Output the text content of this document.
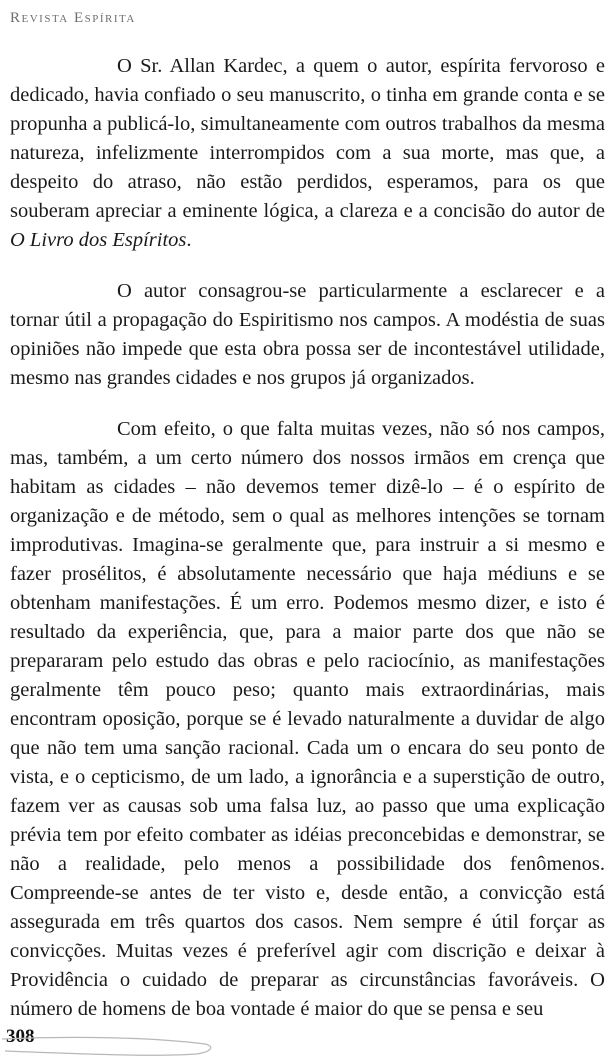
Revista Espírita

O Sr. Allan Kardec, a quem o autor, espírita fervoroso e dedicado, havia confiado o seu manuscrito, o tinha em grande conta e se propunha a publicá-lo, simultaneamente com outros trabalhos da mesma natureza, infelizmente interrompidos com a sua morte, mas que, a despeito do atraso, não estão perdidos, esperamos, para os que souberam apreciar a eminente lógica, a clareza e a concisão do autor de O Livro dos Espíritos.

O autor consagrou-se particularmente a esclarecer e a tornar útil a propagação do Espiritismo nos campos. A modéstia de suas opiniões não impede que esta obra possa ser de incontestável utilidade, mesmo nas grandes cidades e nos grupos já organizados.

Com efeito, o que falta muitas vezes, não só nos campos, mas, também, a um certo número dos nossos irmãos em crença que habitam as cidades – não devemos temer dizê-lo – é o espírito de organização e de método, sem o qual as melhores intenções se tornam improdutivas. Imagina-se geralmente que, para instruir a si mesmo e fazer prosélitos, é absolutamente necessário que haja médiuns e se obtenham manifestações. É um erro. Podemos mesmo dizer, e isto é resultado da experiência, que, para a maior parte dos que não se prepararam pelo estudo das obras e pelo raciocínio, as manifestações geralmente têm pouco peso; quanto mais extraordinárias, mais encontram oposição, porque se é levado naturalmente a duvidar de algo que não tem uma sanção racional. Cada um o encara do seu ponto de vista, e o cepticismo, de um lado, a ignorância e a superstição de outro, fazem ver as causas sob uma falsa luz, ao passo que uma explicação prévia tem por efeito combater as idéias preconcebidas e demonstrar, se não a realidade, pelo menos a possibilidade dos fenômenos. Compreende-se antes de ter visto e, desde então, a convicção está assegurada em três quartos dos casos. Nem sempre é útil forçar as convicções. Muitas vezes é preferível agir com discrição e deixar à Providência o cuidado de preparar as circunstâncias favoráveis. O número de homens de boa vontade é maior do que se pensa e seu

308
